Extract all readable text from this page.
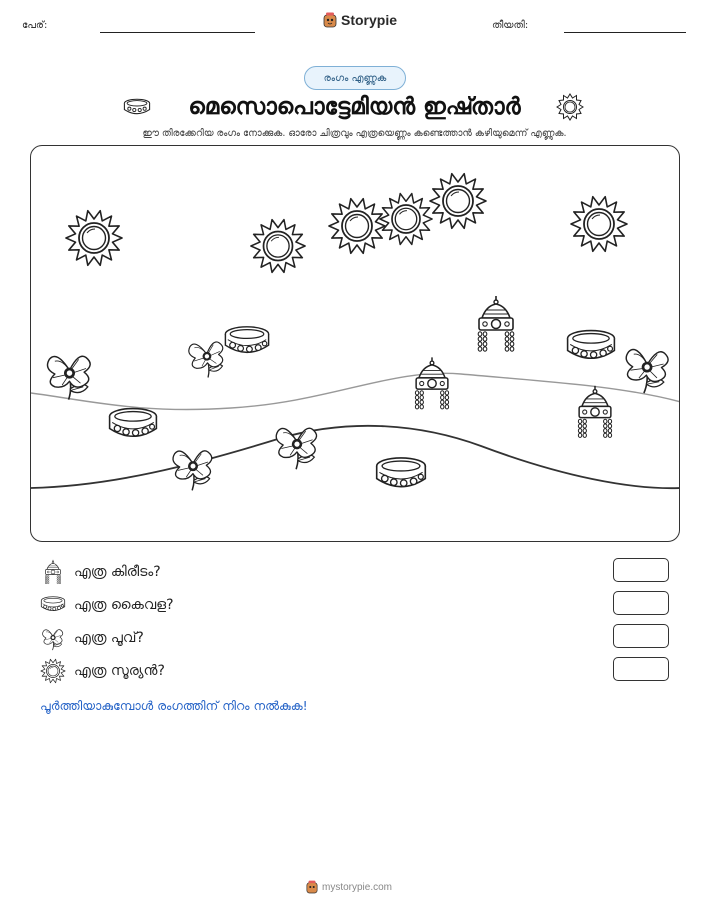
പേര്:	Storypie	തീയതി:
രംഗം എണ്ണുക
മെസൊപൊട്ടേമിയൻ ഇഷ്താർ
ഈ തിരക്കേറിയ രംഗം നോക്കുക. ഓരോ ചിത്രവും എത്രയെണ്ണം കണ്ടെത്താൻ കഴിയുമെന്ന് എണ്ണുക.
എത്ര കിരീടം?
എത്ര കൈവള?
എത്ര പൂവ്?
എത്ര സൂര്യൻ?
പൂർത്തിയാകുമ്പോൾ രംഗത്തിന് നിറം നൽകുക!
mystorypie.com
